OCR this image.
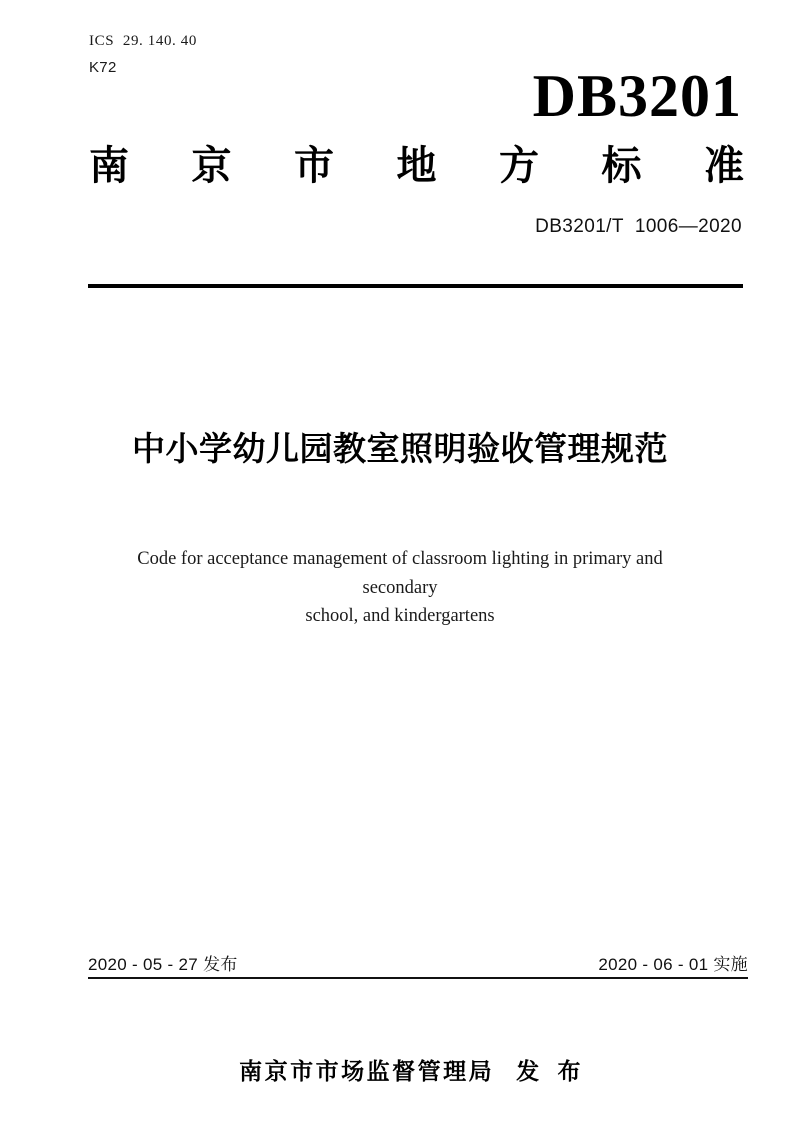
ICS  29. 140. 40
K72	DB3201
南 京 市 地 方 标 准
DB3201/T  1006—2020
中小学幼儿园教室照明验收管理规范
Code for acceptance management of classroom lighting in primary and secondary
school, and kindergartens
2020 - 05 - 27 发布	2020 - 06 - 01 实施

南京市市场监督管理局 发 布
